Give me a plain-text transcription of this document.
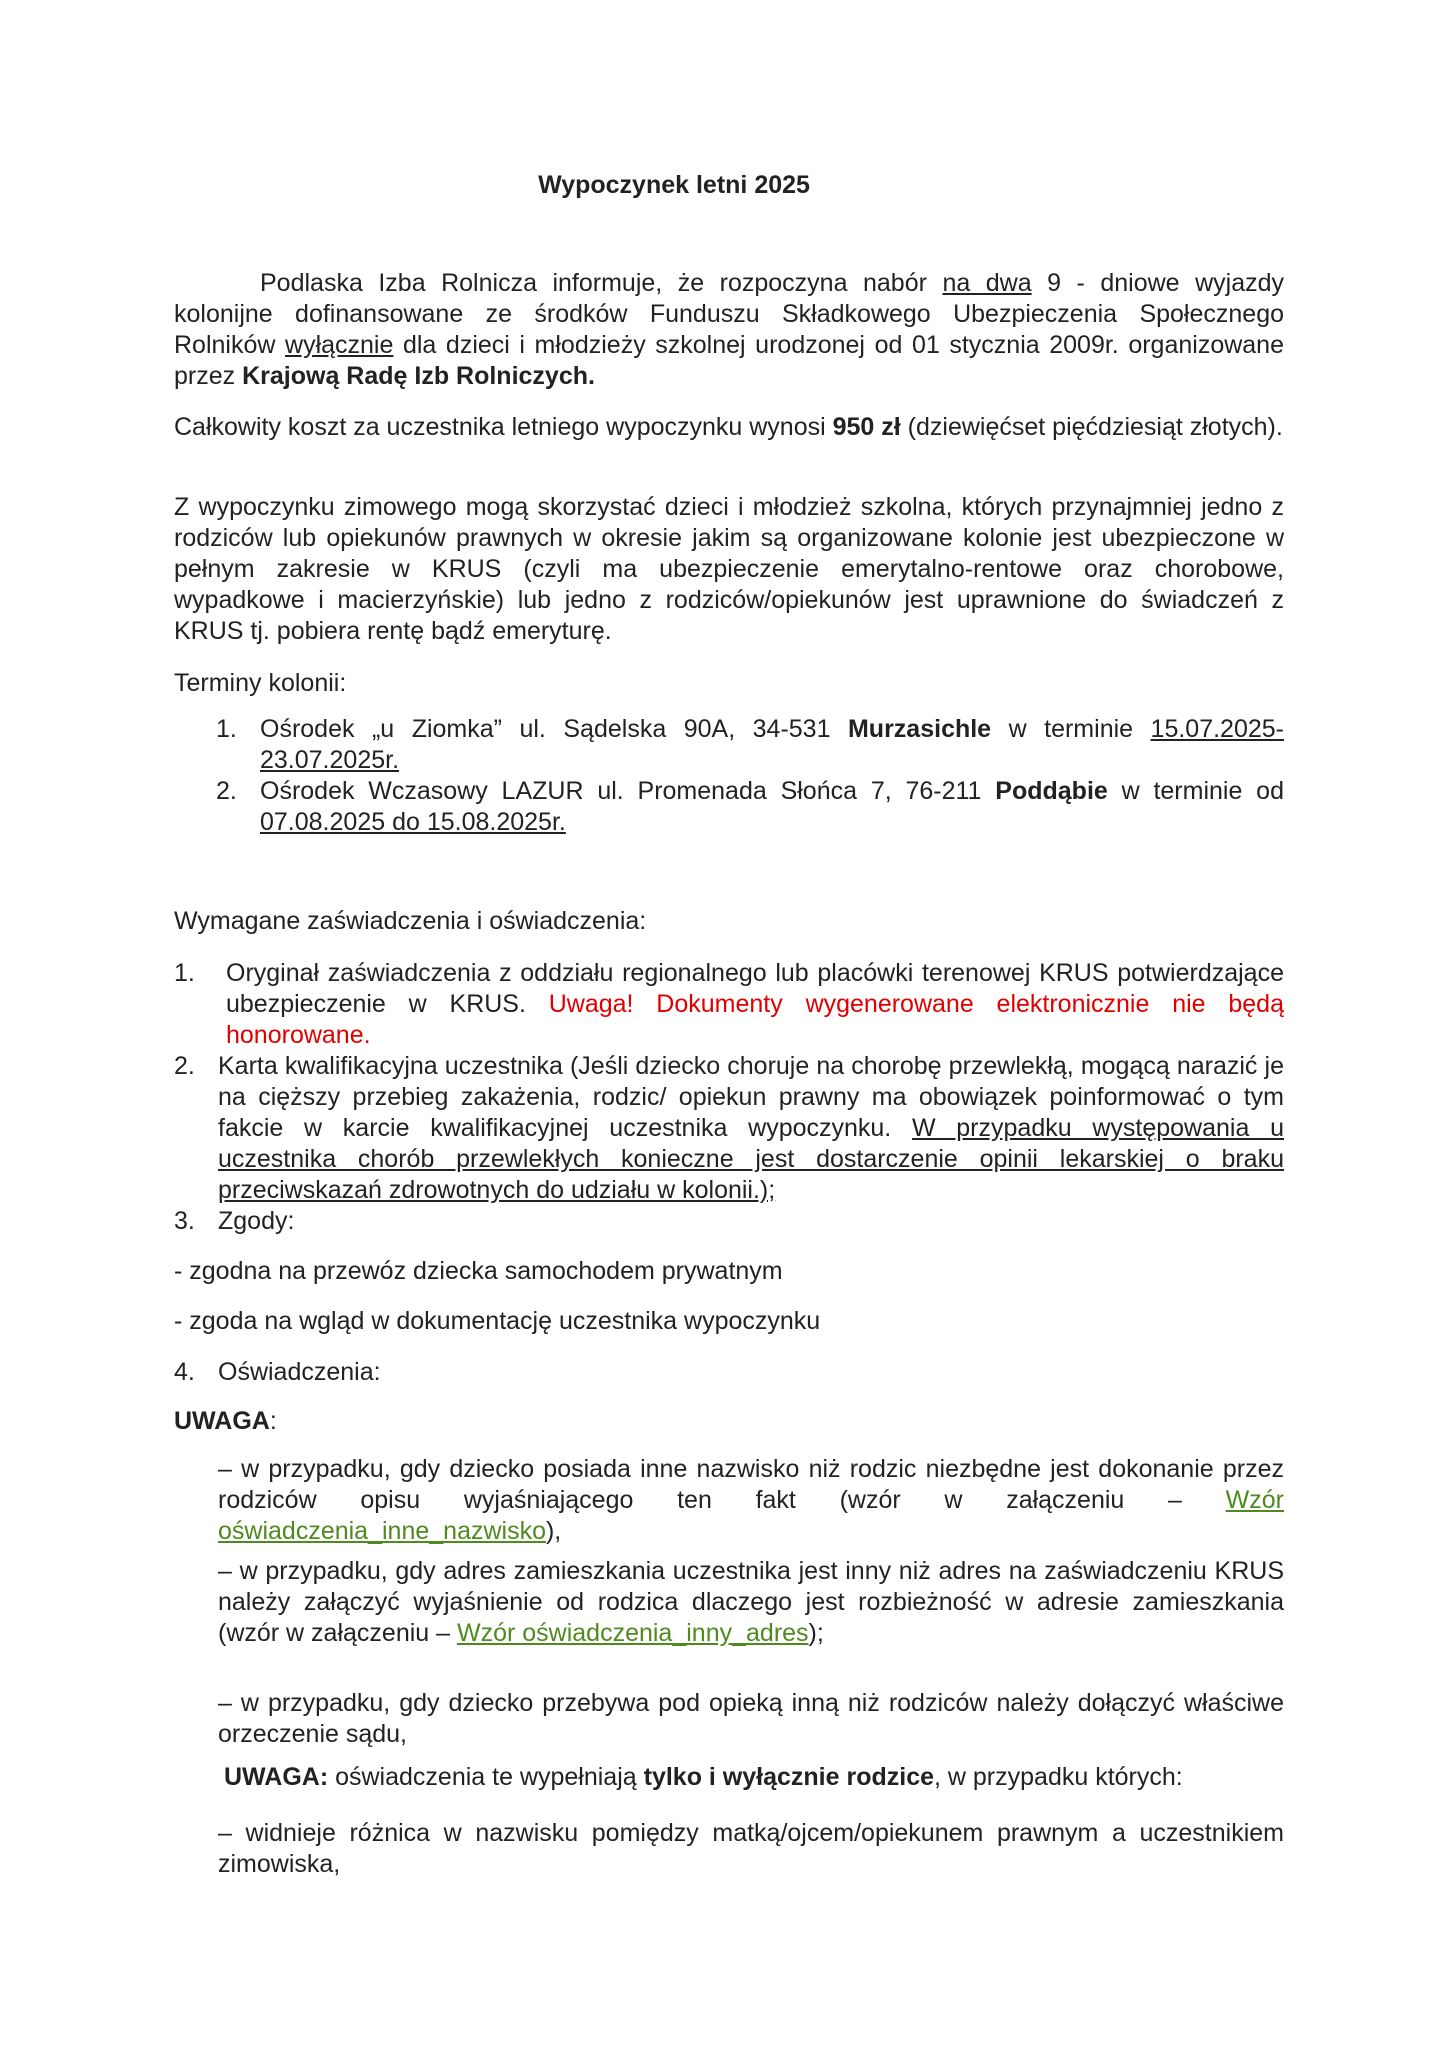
Wypoczynek letni 2025
Podlaska Izba Rolnicza informuje, że rozpoczyna nabór na dwa 9 - dniowe wyjazdy kolonijne dofinansowane ze środków Funduszu Składkowego Ubezpieczenia Społecznego Rolników wyłącznie dla dzieci i młodzieży szkolnej urodzonej od 01 stycznia 2009r. organizowane przez Krajową Radę Izb Rolniczych.
Całkowity koszt za uczestnika letniego wypoczynku wynosi 950 zł (dziewięćset pięćdziesiąt złotych).
Z wypoczynku zimowego mogą skorzystać dzieci i młodzież szkolna, których przynajmniej jedno z rodziców lub opiekunów prawnych w okresie jakim są organizowane kolonie jest ubezpieczone w pełnym zakresie w KRUS (czyli ma ubezpieczenie emerytalno-rentowe oraz chorobowe, wypadkowe i macierzyńskie) lub jedno z rodziców/opiekunów jest uprawnione do świadczeń z KRUS tj. pobiera rentę bądź emeryturę.
Terminy kolonii:
1. Ośrodek „u Ziomka” ul. Sądelska 90A, 34-531 Murzasichle w terminie 15.07.2025-23.07.2025r.
2. Ośrodek Wczasowy LAZUR ul. Promenada Słońca 7, 76-211 Poddąbie w terminie od 07.08.2025 do 15.08.2025r.
Wymagane zaświadczenia i oświadczenia:
1. Oryginał zaświadczenia z oddziału regionalnego lub placówki terenowej KRUS potwierdzające ubezpieczenie w KRUS. Uwaga! Dokumenty wygenerowane elektronicznie nie będą honorowane.
2. Karta kwalifikacyjna uczestnika (Jeśli dziecko choruje na chorobę przewlekłą, mogącą narazić je na cięższy przebieg zakażenia, rodzic/ opiekun prawny ma obowiązek poinformować o tym fakcie w karcie kwalifikacyjnej uczestnika wypoczynku. W przypadku występowania u uczestnika chorób przewlekłych konieczne jest dostarczenie opinii lekarskiej o braku przeciwskazań zdrowotnych do udziału w kolonii.);
3. Zgody:
- zgodna na przewóz dziecka samochodem prywatnym
- zgoda na wgląd w dokumentację uczestnika wypoczynku
4. Oświadczenia:
UWAGA:
– w przypadku, gdy dziecko posiada inne nazwisko niż rodzic niezbędne jest dokonanie przez rodziców opisu wyjaśniającego ten fakt (wzór w załączeniu – Wzór oświadczenia_inne_nazwisko),
– w przypadku, gdy adres zamieszkania uczestnika jest inny niż adres na zaświadczeniu KRUS należy załączyć wyjaśnienie od rodzica dlaczego jest rozbieżność w adresie zamieszkania (wzór w załączeniu – Wzór oświadczenia_inny_adres);
– w przypadku, gdy dziecko przebywa pod opieką inną niż rodziców należy dołączyć właściwe orzeczenie sądu,
UWAGA: oświadczenia te wypełniają tylko i wyłącznie rodzice, w przypadku których:
– widnieje różnica w nazwisku pomiędzy matką/ojcem/opiekunem prawnym a uczestnikiem zimowiska,
